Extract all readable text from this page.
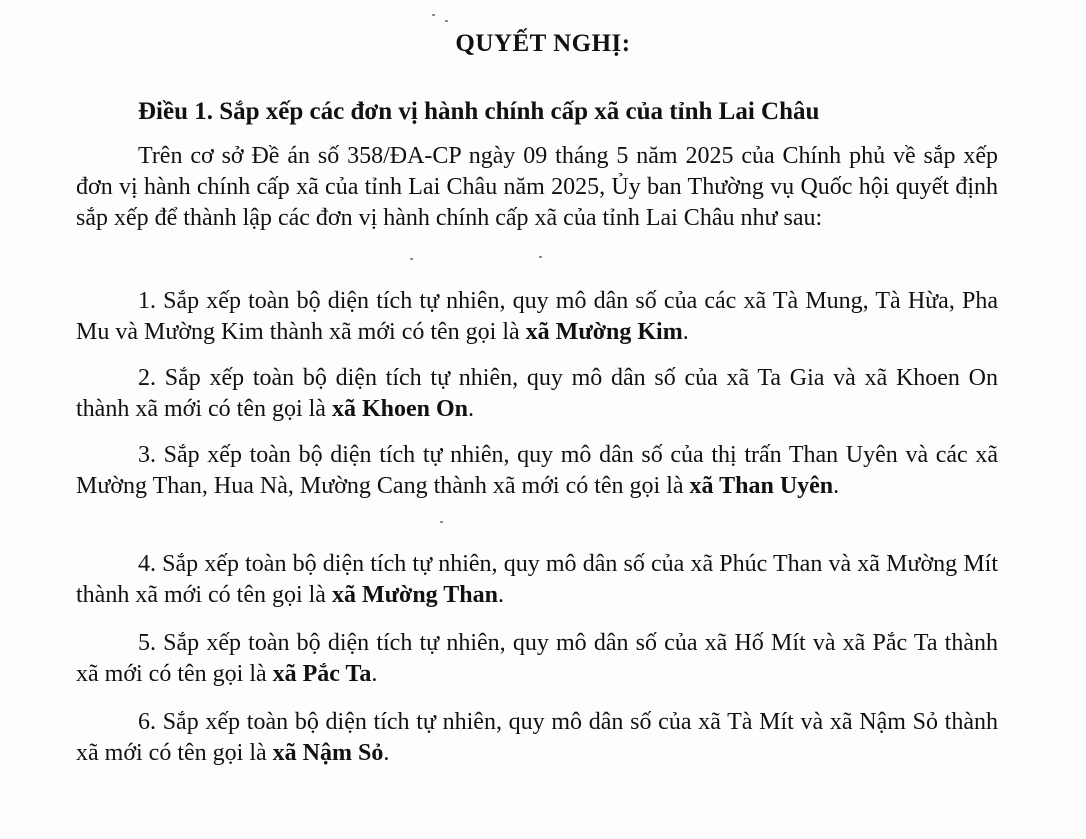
QUYẾT NGHỊ:
Điều 1. Sắp xếp các đơn vị hành chính cấp xã của tỉnh Lai Châu
Trên cơ sở Đề án số 358/ĐA-CP ngày 09 tháng 5 năm 2025 của Chính phủ về sắp xếp đơn vị hành chính cấp xã của tỉnh Lai Châu năm 2025, Ủy ban Thường vụ Quốc hội quyết định sắp xếp để thành lập các đơn vị hành chính cấp xã của tỉnh Lai Châu như sau:
1. Sắp xếp toàn bộ diện tích tự nhiên, quy mô dân số của các xã Tà Mung, Tà Hừa, Pha Mu và Mường Kim thành xã mới có tên gọi là xã Mường Kim.
2. Sắp xếp toàn bộ diện tích tự nhiên, quy mô dân số của xã Ta Gia và xã Khoen On thành xã mới có tên gọi là xã Khoen On.
3. Sắp xếp toàn bộ diện tích tự nhiên, quy mô dân số của thị trấn Than Uyên và các xã Mường Than, Hua Nà, Mường Cang thành xã mới có tên gọi là xã Than Uyên.
4. Sắp xếp toàn bộ diện tích tự nhiên, quy mô dân số của xã Phúc Than và xã Mường Mít thành xã mới có tên gọi là xã Mường Than.
5. Sắp xếp toàn bộ diện tích tự nhiên, quy mô dân số của xã Hố Mít và xã Pắc Ta thành xã mới có tên gọi là xã Pắc Ta.
6. Sắp xếp toàn bộ diện tích tự nhiên, quy mô dân số của xã Tà Mít và xã Nậm Sỏ thành xã mới có tên gọi là xã Nậm Sỏ.
